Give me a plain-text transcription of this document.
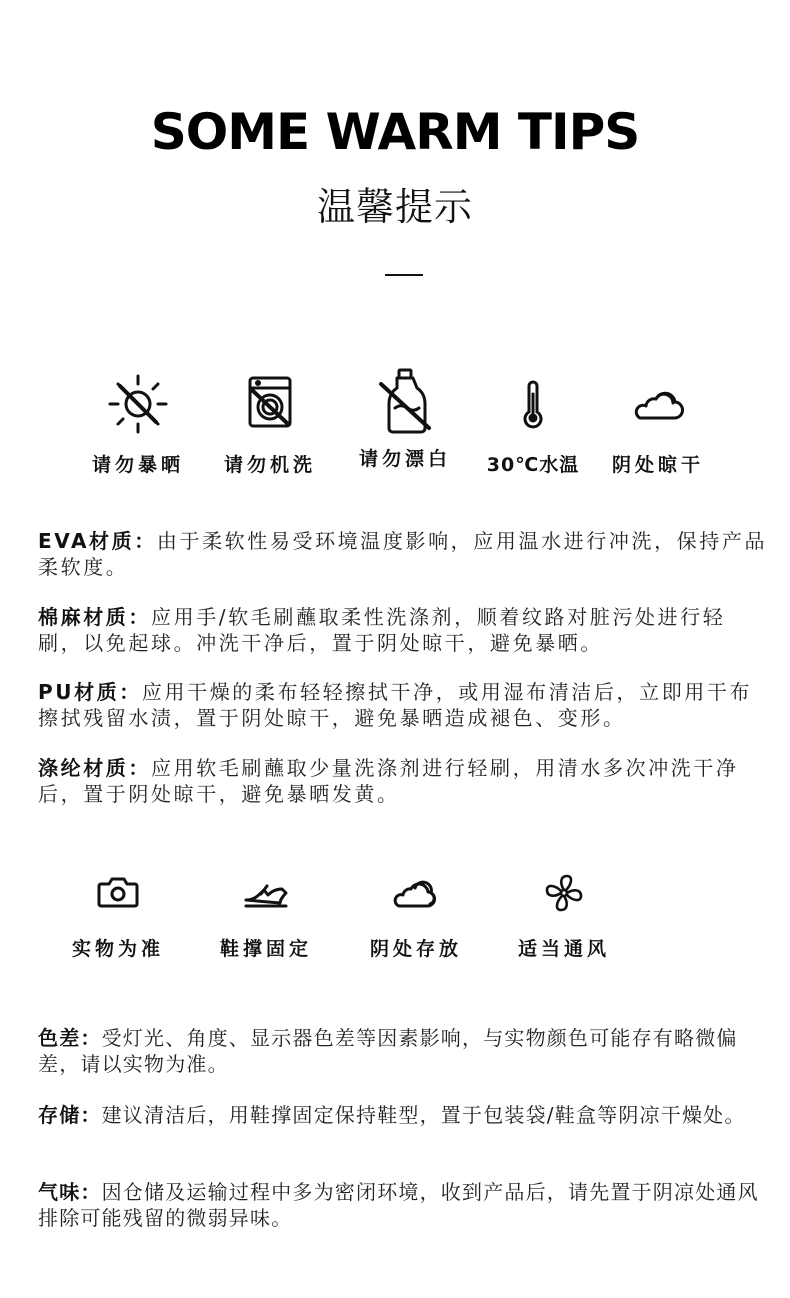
SOME WARM TIPS
温馨提示
请勿暴晒	请勿机洗	请勿漂白	30℃水温	阴处晾干
EVA材质：由于柔软性易受环境温度影响，应用温水进行冲洗，保持产品柔软度。
棉麻材质：应用手/软毛刷蘸取柔性洗涤剂，顺着纹路对脏污处进行轻刷，以免起球。冲洗干净后，置于阴处晾干，避免暴晒。
PU材质：应用干燥的柔布轻轻擦拭干净，或用湿布清洁后，立即用干布擦拭残留水渍，置于阴处晾干，避免暴晒造成褪色、变形。
涤纶材质：应用软毛刷蘸取少量洗涤剂进行轻刷，用清水多次冲洗干净后，置于阴处晾干，避免暴晒发黄。
实物为准	鞋撑固定	阴处存放	适当通风
色差：受灯光、角度、显示器色差等因素影响，与实物颜色可能存有略微偏差，请以实物为准。
存储：建议清洁后，用鞋撑固定保持鞋型，置于包装袋/鞋盒等阴凉干燥处。
气味：因仓储及运输过程中多为密闭环境，收到产品后，请先置于阴凉处通风排除可能残留的微弱异味。
